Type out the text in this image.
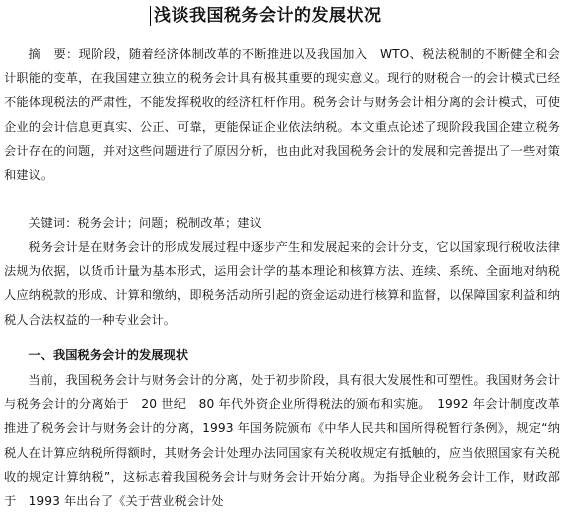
浅谈我国税务会计的发展状况

摘　要：现阶段，随着经济体制改革的不断推进以及我国加入　WTO、税法税制的不断健全和会计职能的变革，在我国建立独立的税务会计具有极其重要的现实意义。现行的财税合一的会计模式已经不能体现税法的严肃性，不能发挥税收的经济杠杆作用。税务会计与财务会计相分离的会计模式，可使企业的会计信息更真实、公正、可靠，更能保证企业依法纳税。本文重点论述了现阶段我国企建立税务会计存在的问题，并对这些问题进行了原因分析，也由此对我国税务会计的发展和完善提出了一些对策和建议。

关键词：税务会计；问题；税制改革；建议

税务会计是在财务会计的形成发展过程中逐步产生和发展起来的会计分支，它以国家现行税收法律法规为依据，以货币计量为基本形式，运用会计学的基本理论和核算方法、连续、系统、全面地对纳税人应纳税款的形成、计算和缴纳，即税务活动所引起的资金运动进行核算和监督，以保障国家利益和纳税人合法权益的一种专业会计。

一、我国税务会计的发展现状

当前，我国税务会计与财务会计的分离，处于初步阶段，具有很大发展性和可塑性。我国财务会计与税务会计的分离始于　20 世纪　80 年代外资企业所得税法的颁布和实施。　1992 年会计制度改革推进了税务会计与财务会计的分离，1993 年国务院颁布《中华人民共和国所得税暂行条例》，规定“纳税人在计算应纳税所得额时，其财务会计处理办法同国家有关税收规定有抵触的，应当依照国家有关税收的规定计算纳税”，这标志着我国税务会计与财务会计开始分离。为指导企业税务会计工作，财政部于　1993 年出台了《关于营业税会计处
